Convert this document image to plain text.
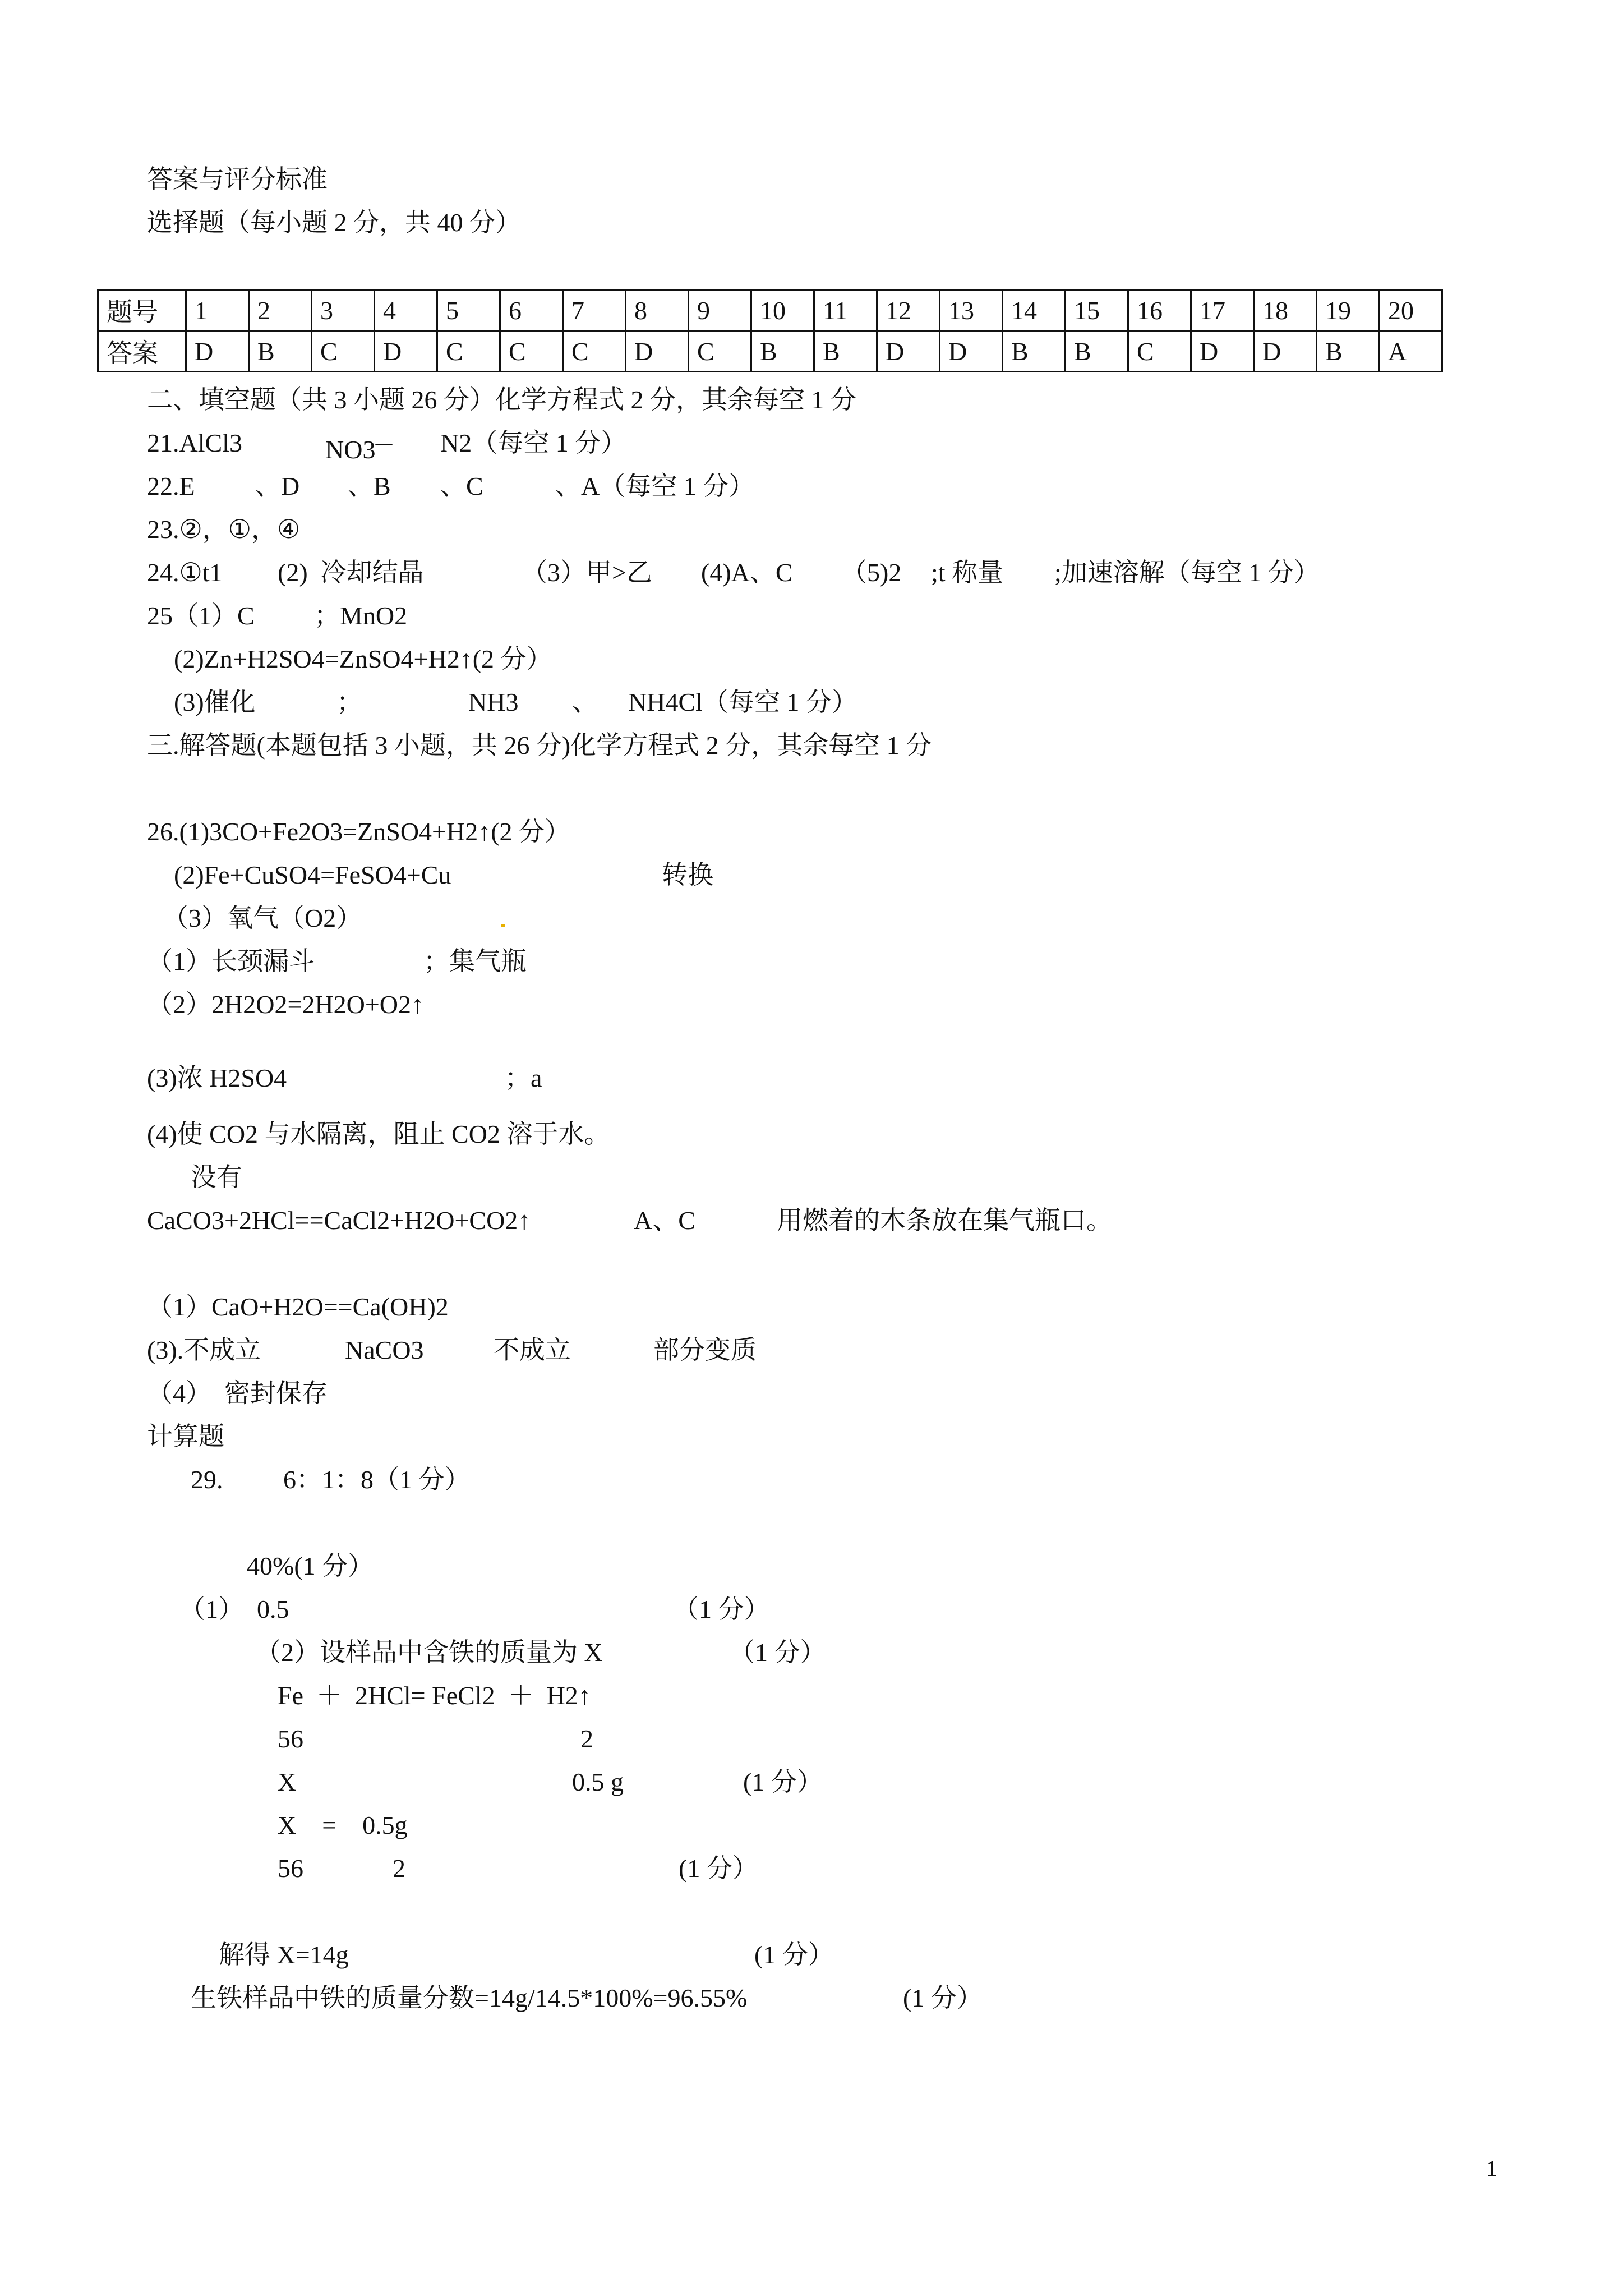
答案与评分标准
选择题（每小题 2 分，共 40 分）
题号	1	2	3	4	5	6	7	8	9	10	11	12	13	14	15	16	17	18	19	20
答案	D	B	C	D	C	C	C	D	C	B	B	D	D	B	B	C	D	D	B	A
二、填空题（共 3 小题 26 分）化学方程式 2 分，其余每空 1 分
21.AlCl3	NO3— N2（每空 1 分）
22.E 、D 、B 、C	、A（每空 1 分）
23.②，①，④
24.①t1 (2)  冷却结晶	（3）甲>乙 (4)A、C （5)2 ;t 称量 ;加速溶解（每空 1 分）
25（1）C ；MnO2
(2)Zn+H2SO4=ZnSO4+H2↑(2 分）
(3)催化	；	NH3 、 NH4Cl（每空 1 分）
三.解答题(本题包括 3 小题，共 26 分)化学方程式 2 分，其余每空 1 分
26.(1)3CO+Fe2O3=ZnSO4+H2↑(2 分）
(2)Fe+CuSO4=FeSO4+Cu	转换
（3）氧气（O2）
（1）长颈漏斗	；集气瓶
（2）2H2O2=2H2O+O2↑
(3)浓 H2SO4	；a
(4)使 CO2 与水隔离，阻止 CO2 溶于水。
没有
CaCO3+2HCl==CaCl2+H2O+CO2↑	A、C	用燃着的木条放在集气瓶口。
（1）CaO+H2O==Ca(OH)2
(3).不成立	NaCO3	不成立	部分变质
（4）  密封保存
计算题
29. 6：1：8（1 分）
40%(1 分）
（1）  0.5	（1 分）
（2）设样品中含铁的质量为 X	（1 分）
Fe  ＋  2HCl= FeCl2  ＋  H2↑
56	2
X	0.5 g	(1 分）
X    =    0.5g
56	2	(1 分）
解得 X=14g	(1 分）
生铁样品中铁的质量分数=14g/14.5*100%=96.55%	(1 分）
1
